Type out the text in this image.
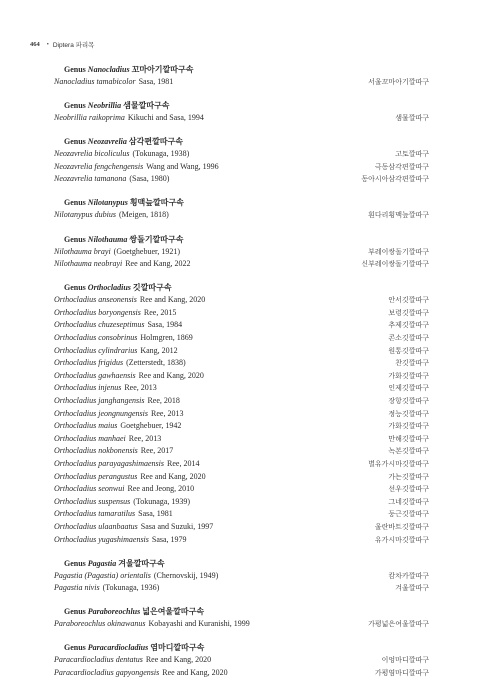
464 • Diptera 파리목
Genus Nanocladius 꼬마아기깔따구속
Nanocladius tamabicolor Sasa, 1981	서울꼬마아기깔따구
Genus Neobrillia 샘물깔따구속
Neobrillia raikoprima Kikuchi and Sasa, 1994	샘물깔따구
Genus Neozavrelia 삼각편깔따구속
Neozavrelia bicoliculus (Tokunaga, 1938)	고토깔따구
Neozavrelia fengchengensis Wang and Wang, 1996	극동삼각편깔따구
Neozavrelia tamanona (Sasa, 1980)	동아시아삼각편깔따구
Genus Nilotanypus 횡맥늪깔따구속
Nilotanypus dubius (Meigen, 1818)	흰다리횡맥늪깔따구
Genus Nilothauma 쌍돌기깔따구속
Nilothauma brayi (Goetghebuer, 1921)	부레이쌍돌기깔따구
Nilothauma neobrayi Ree and Kang, 2022	신부레이쌍돌기깔따구
Genus Orthocladius 깃깔따구속
Orthocladius anseonensis Ree and Kang, 2020	안서깃깔따구
Orthocladius boryongensis Ree, 2015	보령깃깔따구
Orthocladius chuzeseptimus Sasa, 1984	추제깃깔따구
Orthocladius consobrinus Holmgren, 1869	콘소깃깔따구
Orthocladius cylindrarius Kang, 2012	원통깃깔따구
Orthocladius frigidus (Zetterstedt, 1838)	찬깃깔따구
Orthocladius gawhaensis Ree and Kang, 2020	가화깃깔따구
Orthocladius injenus Ree, 2013	인제깃깔따구
Orthocladius janghangensis Ree, 2018	장항깃깔따구
Orthocladius jeongnungensis Ree, 2013	정능깃깔따구
Orthocladius maius Goetghebuer, 1942	가화깃깔따구
Orthocladius manhaei Ree, 2013	만해깃깔따구
Orthocladius nokbonensis Ree, 2017	녹본깃깔따구
Orthocladius parayagashimaensis Ree, 2014	별유가시마깃깔따구
Orthocladius perangustus Ree and Kang, 2020	가는깃깔따구
Orthocladius seonwui Ree and Jeong, 2010	선우깃깔따구
Orthocladius suspensus (Tokunaga, 1939)	그네깃깔따구
Orthocladius tamaratilus Sasa, 1981	둥근깃깔따구
Orthocladius ulaanbaatus Sasa and Suzuki, 1997	울란바트깃깔따구
Orthocladius yugashimaensis Sasa, 1979	유가시마깃깔따구
Genus Pagastia 겨울깔따구속
Pagastia (Pagastia) orientalis (Chernovskij, 1949)	캄차카깔따구
Pagastia nivis (Tokunaga, 1936)	겨울깔따구
Genus Paraboreochlus 넓은여울깔따구속
Paraboreochlus okinawanus Kobayashi and Kuranishi, 1999	가평넓은여울깔따구
Genus Paracardiocladius 염마디깔따구속
Paracardiocladius dentatus Ree and Kang, 2020	이엉마디깔따구
Paracardiocladius gapyongensis Ree and Kang, 2020	가평염마디깔따구
